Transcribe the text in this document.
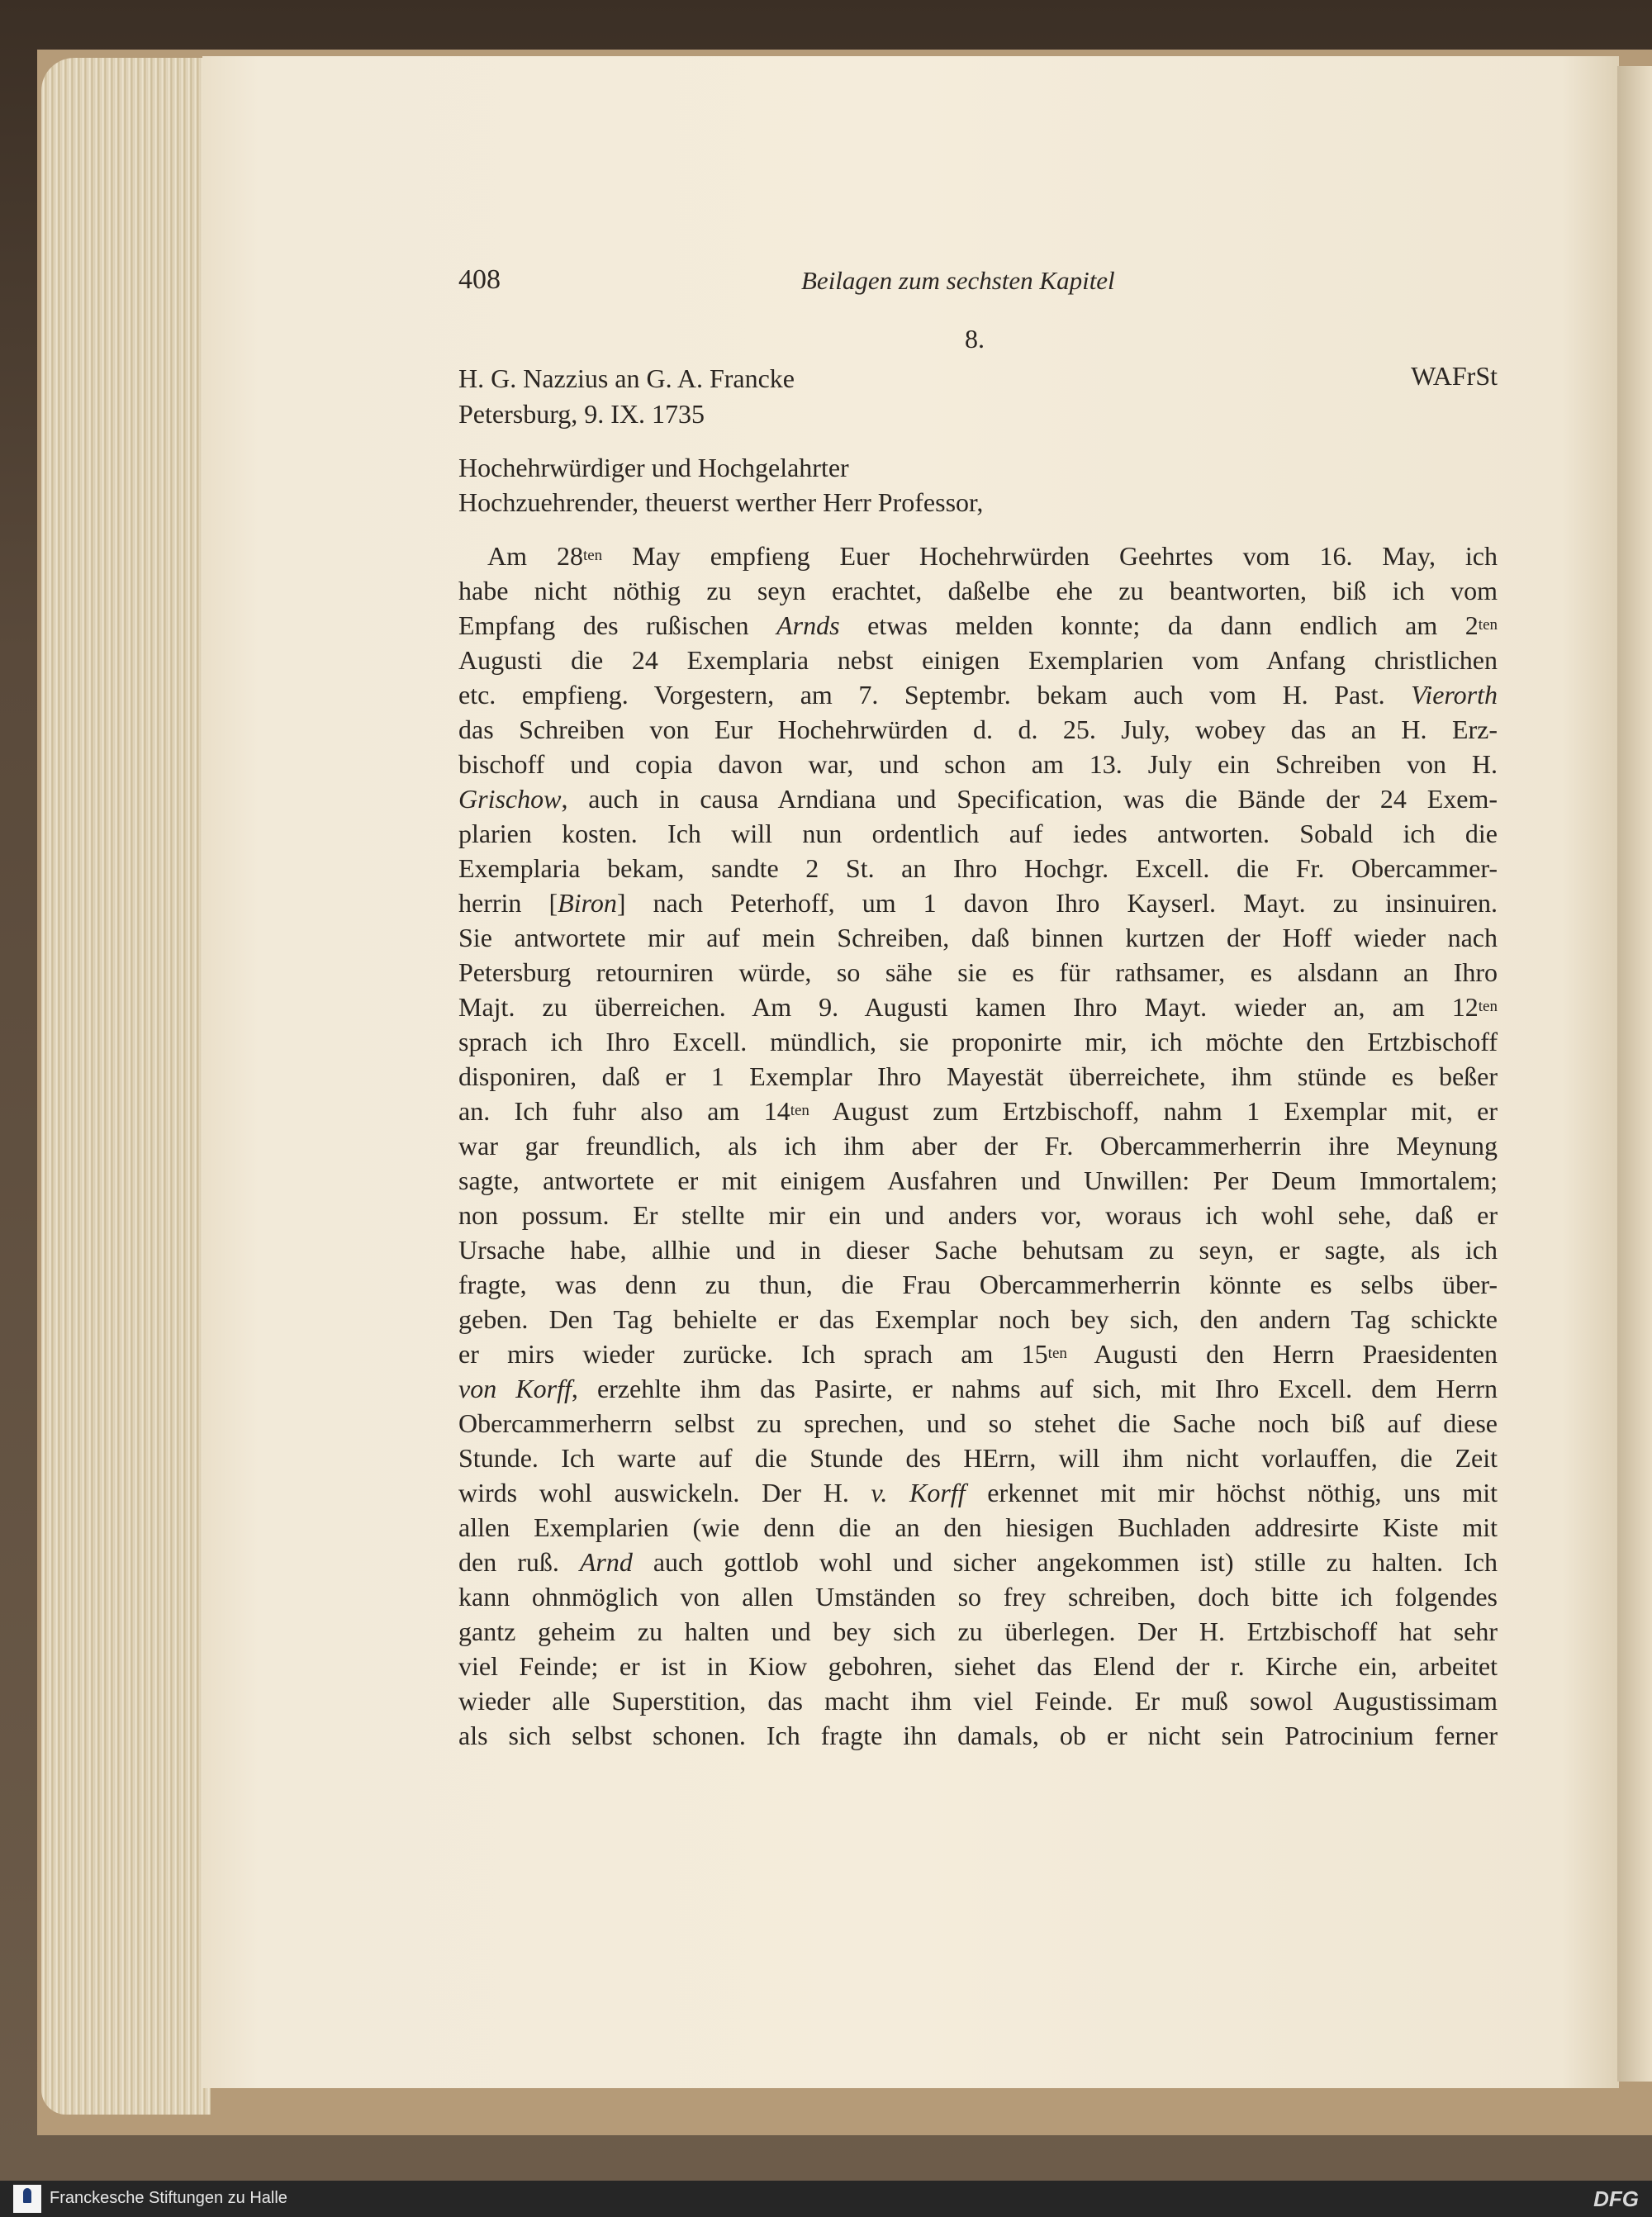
408	Beilagen zum sechsten Kapitel
8.
H. G. Nazzius an G. A. Francke	WAFrSt
Petersburg, 9. IX. 1735
Hochehrwürdiger und Hochgelahrter
Hochzuehrender, theuerst werther Herr Professor,
Am $28^{ten}$ May empfieng Euer Hochehrwürden Geehrtes vom 16. May, ich
habe nicht nöthig zu seyn erachtet, daßelbe ehe zu beantworten, biß ich vom
Empfang des rußischen Arnds etwas melden konnte; da dann endlich am $2^{ten}$
Augusti die 24 Exemplaria nebst einigen Exemplarien vom Anfang christlichen
etc. empfieng. Vorgestern, am 7. Septembr. bekam auch vom H. Past. Vierorth
das Schreiben von Eur Hochehrwürden d. d. 25. July, wobey das an H. Erz-
bischoff und copia davon war, und schon am 13. July ein Schreiben von H.
Grischow, auch in causa Arndiana und Specification, was die Bände der 24 Exem-
plarien kosten. Ich will nun ordentlich auf iedes antworten. Sobald ich die
Exemplaria bekam, sandte 2 St. an Ihro Hochgr. Excell. die Fr. Obercammer-
herrin [Biron] nach Peterhoff, um 1 davon Ihro Kayserl. Mayt. zu insinuiren.
Sie antwortete mir auf mein Schreiben, daß binnen kurtzen der Hoff wieder nach
Petersburg retourniren würde, so sähe sie es für rathsamer, es alsdann an Ihro
Majt. zu überreichen. Am 9. Augusti kamen Ihro Mayt. wieder an, am $12^{ten}$
sprach ich Ihro Excell. mündlich, sie proponirte mir, ich möchte den Ertzbischoff
disponiren, daß er 1 Exemplar Ihro Mayestät überreichete, ihm stünde es beßer
an. Ich fuhr also am $14^{ten}$ August zum Ertzbischoff, nahm 1 Exemplar mit, er
war gar freundlich, als ich ihm aber der Fr. Obercammerherrin ihre Meynung
sagte, antwortete er mit einigem Ausfahren und Unwillen: Per Deum Immortalem;
non possum. Er stellte mir ein und anders vor, woraus ich wohl sehe, daß er
Ursache habe, allhie und in dieser Sache behutsam zu seyn, er sagte, als ich
fragte, was denn zu thun, die Frau Obercammerherrin könnte es selbs über-
geben. Den Tag behielte er das Exemplar noch bey sich, den andern Tag schickte
er mirs wieder zurücke. Ich sprach am $15^{ten}$ Augusti den Herrn Praesidenten
von Korff, erzehlte ihm das Pasirte, er nahms auf sich, mit Ihro Excell. dem Herrn
Obercammerherrn selbst zu sprechen, und so stehet die Sache noch biß auf diese
Stunde. Ich warte auf die Stunde des HErrn, will ihm nicht vorlauffen, die Zeit
wirds wohl auswickeln. Der H. v. Korff erkennet mit mir höchst nöthig, uns mit
allen Exemplarien (wie denn die an den hiesigen Buchladen addresirte Kiste mit
den ruß. Arnd auch gottlob wohl und sicher angekommen ist) stille zu halten. Ich
kann ohnmöglich von allen Umständen so frey schreiben, doch bitte ich folgendes
gantz geheim zu halten und bey sich zu überlegen. Der H. Ertzbischoff hat sehr
viel Feinde; er ist in Kiow gebohren, siehet das Elend der r. Kirche ein, arbeitet
wieder alle Superstition, das macht ihm viel Feinde. Er muß sowol Augustissimam
als sich selbst schonen. Ich fragte ihn damals, ob er nicht sein Patrocinium ferner
Franckesche Stiftungen zu Halle	DFG
